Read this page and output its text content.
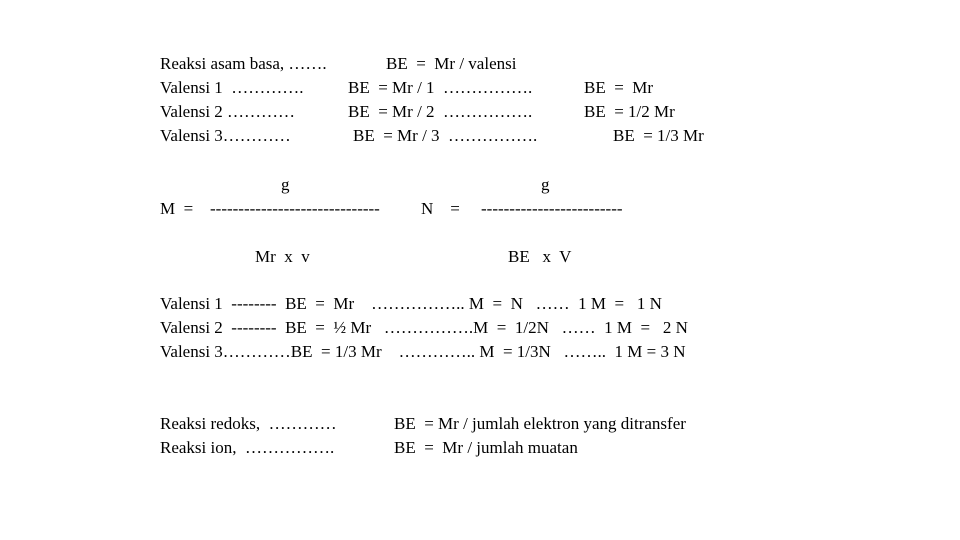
Reaksi asam basa, …….	BE  =  Mr / valensi
Valensi 1  ………….	BE  = Mr / 1  …………….	BE  =  Mr
Valensi 2 …………	BE  = Mr / 2  …………….	BE  = 1/2 Mr
Valensi 3…………	BE  = Mr / 3  …………….	BE  = 1/3 Mr
g
M  = ------------------------------
Mr  x  v
g
N    = -------------------------
BE   x  V
Valensi 1  --------  BE  =  Mr    …………….. M  =  N   ……  1 M  =   1 N
Valensi 2  --------  BE  =  ½ Mr   …………….M  =  1/2N   ……  1 M  =   2 N
Valensi 3…………BE  = 1/3 Mr    ………….. M  = 1/3N   ……..  1 M = 3 N
Reaksi redoks,  …………	BE  = Mr / jumlah elektron yang ditransfer
Reaksi ion,  …………….	BE  =  Mr / jumlah muatan
